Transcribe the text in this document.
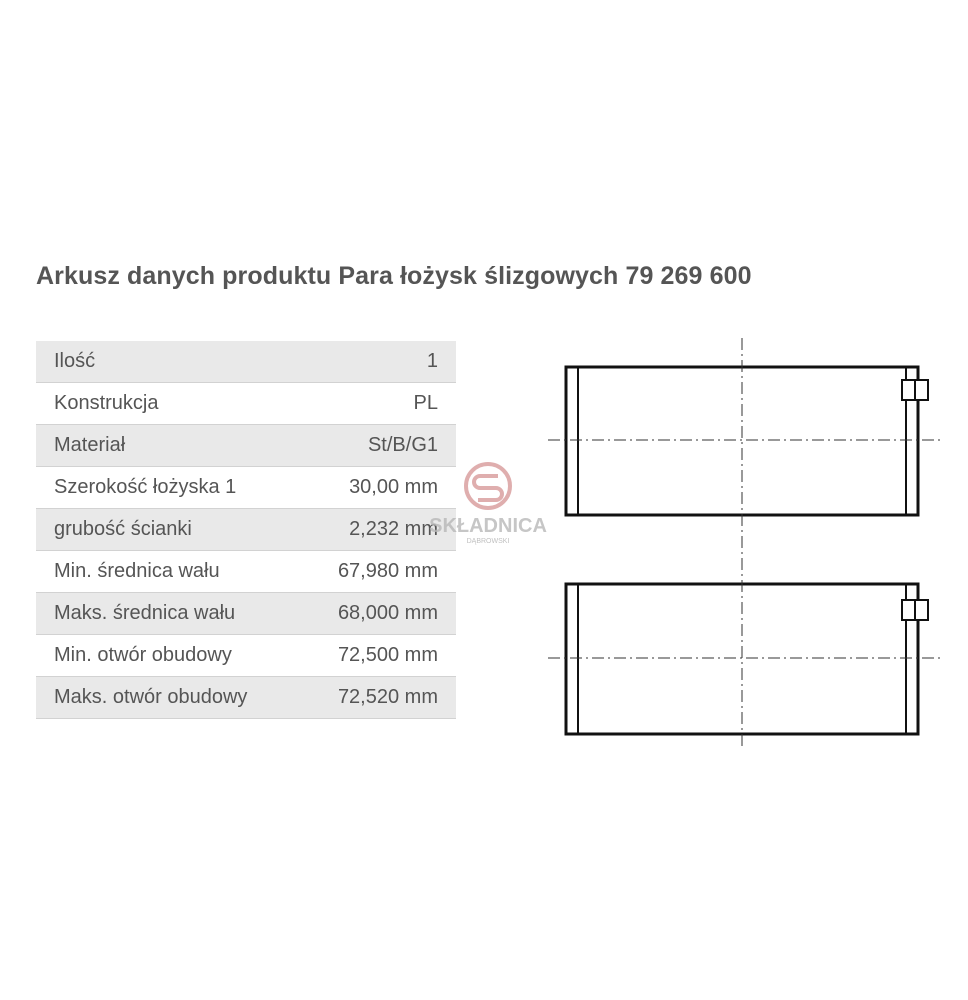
Arkusz danych produktu Para łożysk ślizgowych 79 269 600
Ilość	1
Konstrukcja	PL
Materiał	St/B/G1
Szerokość łożyska 1	30,00 mm
grubość ścianki	2,232 mm
Min. średnica wału	67,980 mm
Maks. średnica wału	68,000 mm
Min. otwór obudowy	72,500 mm
Maks. otwór obudowy	72,520 mm
SKŁADNICA
DĄBROWSKI
